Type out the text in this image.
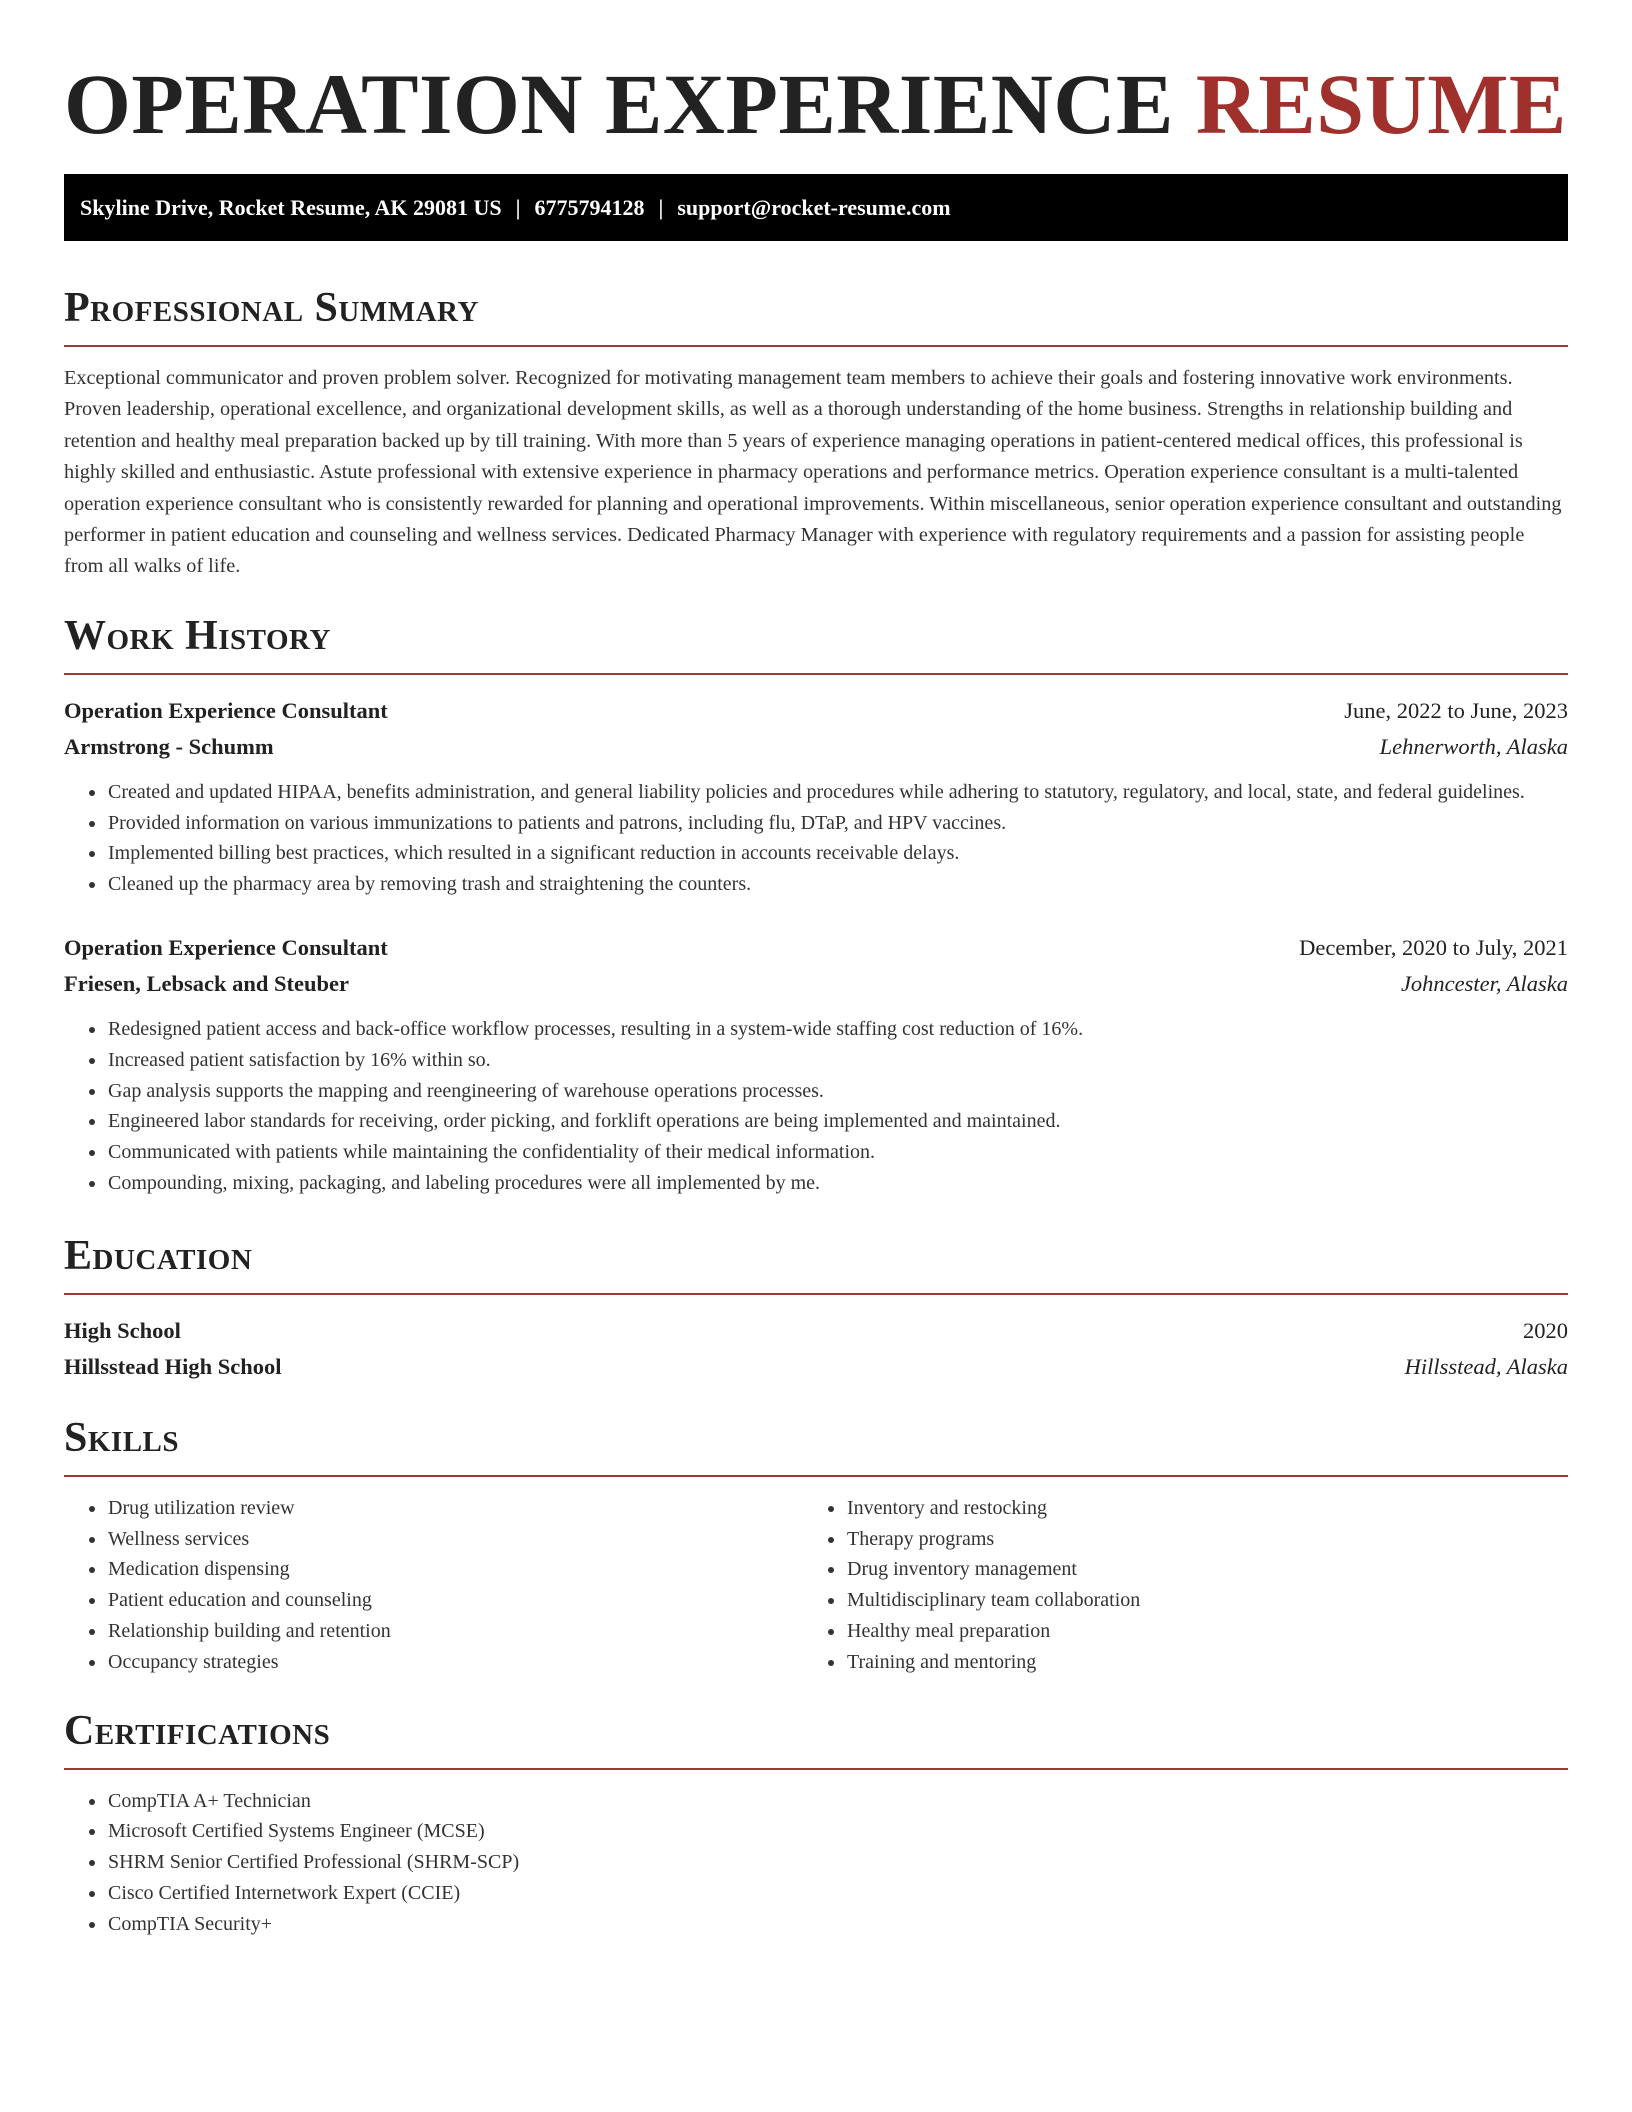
OPERATION EXPERIENCE RESUME
Skyline Drive, Rocket Resume, AK 29081 US | 6775794128 | support@rocket-resume.com
Professional Summary

Exceptional communicator and proven problem solver. Recognized for motivating management team members to achieve their goals and fostering innovative work environments. Proven leadership, operational excellence, and organizational development skills, as well as a thorough understanding of the home business. Strengths in relationship building and retention and healthy meal preparation backed up by till training. With more than 5 years of experience managing operations in patient-centered medical offices, this professional is highly skilled and enthusiastic. Astute professional with extensive experience in pharmacy operations and performance metrics. Operation experience consultant is a multi-talented operation experience consultant who is consistently rewarded for planning and operational improvements. Within miscellaneous, senior operation experience consultant and outstanding performer in patient education and counseling and wellness services. Dedicated Pharmacy Manager with experience with regulatory requirements and a passion for assisting people from all walks of life.

Work History
Operation Experience Consultant	June, 2022 to June, 2023
Armstrong - Schumm	Lehnerworth, Alaska
• Created and updated HIPAA, benefits administration, and general liability policies and procedures while adhering to statutory, regulatory, and local, state, and federal guidelines.
• Provided information on various immunizations to patients and patrons, including flu, DTaP, and HPV vaccines.
• Implemented billing best practices, which resulted in a significant reduction in accounts receivable delays.
• Cleaned up the pharmacy area by removing trash and straightening the counters.
Operation Experience Consultant	December, 2020 to July, 2021
Friesen, Lebsack and Steuber	Johncester, Alaska
• Redesigned patient access and back-office workflow processes, resulting in a system-wide staffing cost reduction of 16%.
• Increased patient satisfaction by 16% within so.
• Gap analysis supports the mapping and reengineering of warehouse operations processes.
• Engineered labor standards for receiving, order picking, and forklift operations are being implemented and maintained.
• Communicated with patients while maintaining the confidentiality of their medical information.
• Compounding, mixing, packaging, and labeling procedures were all implemented by me.
Education
High School	2020
Hillsstead High School	Hillsstead, Alaska
Skills
• Drug utilization review
• Wellness services
• Medication dispensing
• Patient education and counseling
• Relationship building and retention
• Occupancy strategies
• Inventory and restocking
• Therapy programs
• Drug inventory management
• Multidisciplinary team collaboration
• Healthy meal preparation
• Training and mentoring
Certifications
• CompTIA A+ Technician
• Microsoft Certified Systems Engineer (MCSE)
• SHRM Senior Certified Professional (SHRM-SCP)
• Cisco Certified Internetwork Expert (CCIE)
• CompTIA Security+
